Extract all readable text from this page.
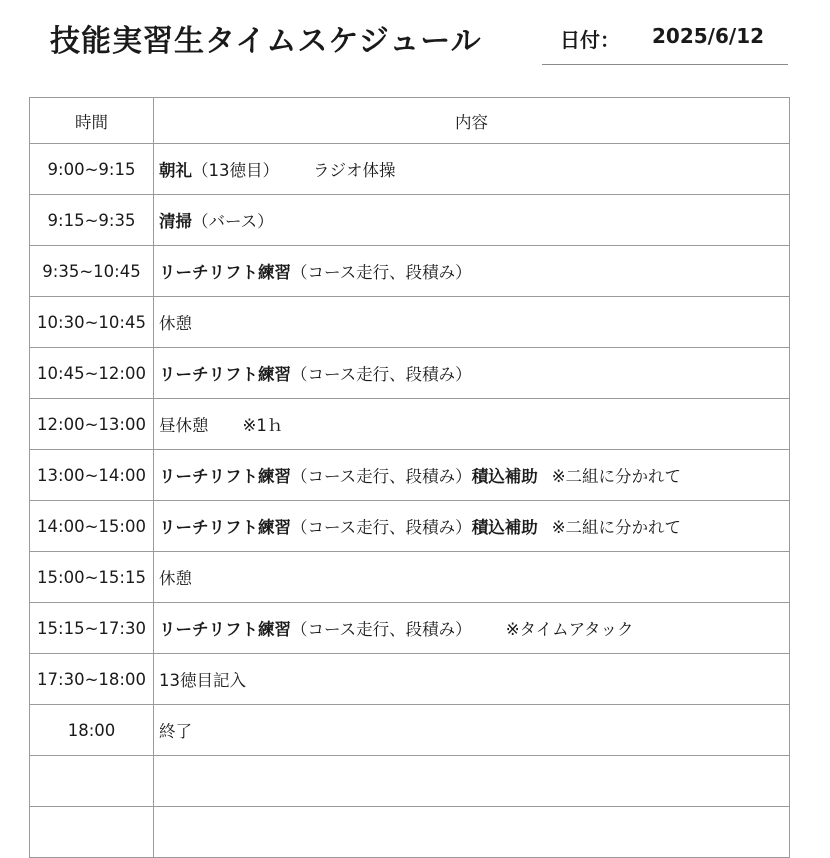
技能実習生タイムスケジュール	日付： 2025/6/12
時間	内容
9:00~9:15	朝礼（13徳目） ラジオ体操
9:15~9:35	清掃（バース）
9:35~10:45	リーチリフト練習（コース走行、段積み）
10:30~10:45	休憩
10:45~12:00	リーチリフト練習（コース走行、段積み）
12:00~13:00	昼休憩 ※1ｈ
13:00~14:00	リーチリフト練習（コース走行、段積み）積込補助 ※二組に分かれて
14:00~15:00	リーチリフト練習（コース走行、段積み）積込補助 ※二組に分かれて
15:00~15:15	休憩
15:15~17:30	リーチリフト練習（コース走行、段積み） ※タイムアタック
17:30~18:00	13徳目記入
18:00	終了
